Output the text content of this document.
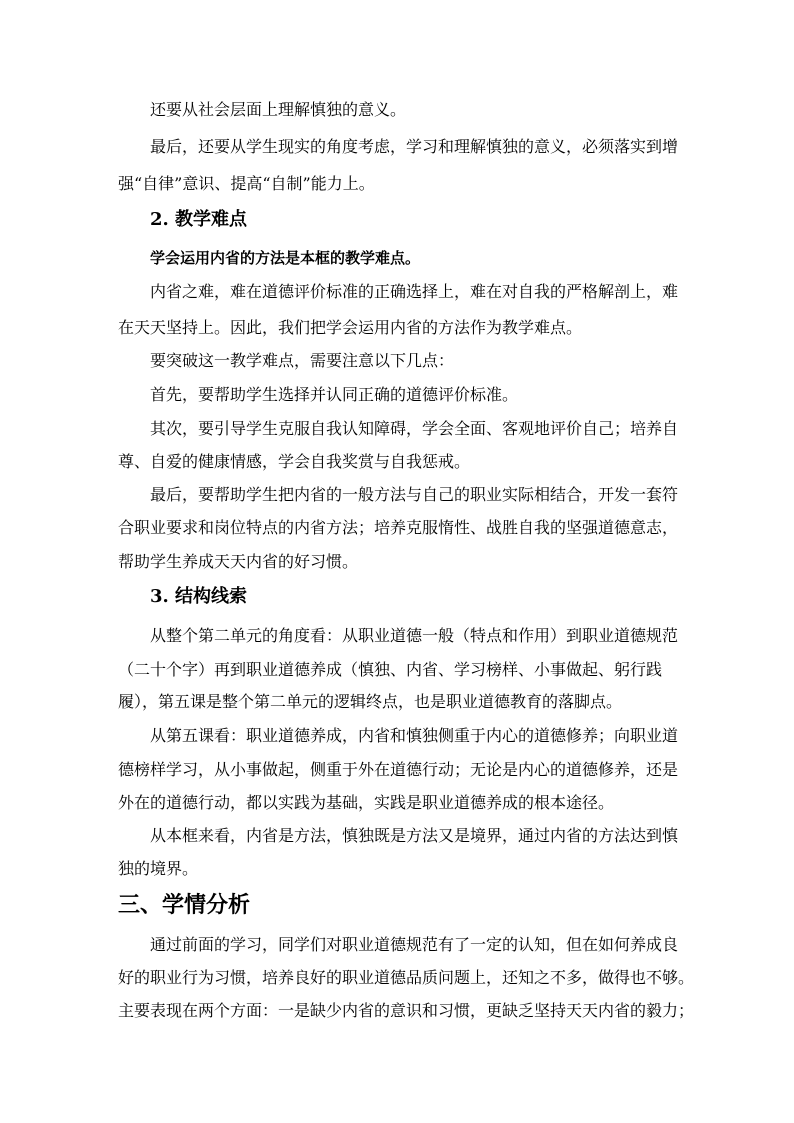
还要从社会层面上理解慎独的意义。
最后，还要从学生现实的角度考虑，学习和理解慎独的意义，必须落实到增
强“自律”意识、提高“自制”能力上。
2. 教学难点
学会运用内省的方法是本框的教学难点。
内省之难，难在道德评价标准的正确选择上，难在对自我的严格解剖上，难
在天天坚持上。因此，我们把学会运用内省的方法作为教学难点。
要突破这一教学难点，需要注意以下几点：
首先，要帮助学生选择并认同正确的道德评价标准。
其次，要引导学生克服自我认知障碍，学会全面、客观地评价自己；培养自
尊、自爱的健康情感，学会自我奖赏与自我惩戒。
最后，要帮助学生把内省的一般方法与自己的职业实际相结合，开发一套符
合职业要求和岗位特点的内省方法；培养克服惰性、战胜自我的坚强道德意志，
帮助学生养成天天内省的好习惯。
3. 结构线索
从整个第二单元的角度看：从职业道德一般（特点和作用）到职业道德规范
（二十个字）再到职业道德养成（慎独、内省、学习榜样、小事做起、躬行践
履），第五课是整个第二单元的逻辑终点，也是职业道德教育的落脚点。
从第五课看：职业道德养成，内省和慎独侧重于内心的道德修养；向职业道
德榜样学习，从小事做起，侧重于外在道德行动；无论是内心的道德修养，还是
外在的道德行动，都以实践为基础，实践是职业道德养成的根本途径。
从本框来看，内省是方法，慎独既是方法又是境界，通过内省的方法达到慎
独的境界。
三、学情分析
通过前面的学习，同学们对职业道德规范有了一定的认知，但在如何养成良
好的职业行为习惯，培养良好的职业道德品质问题上，还知之不多，做得也不够。
主要表现在两个方面：一是缺少内省的意识和习惯，更缺乏坚持天天内省的毅力；
